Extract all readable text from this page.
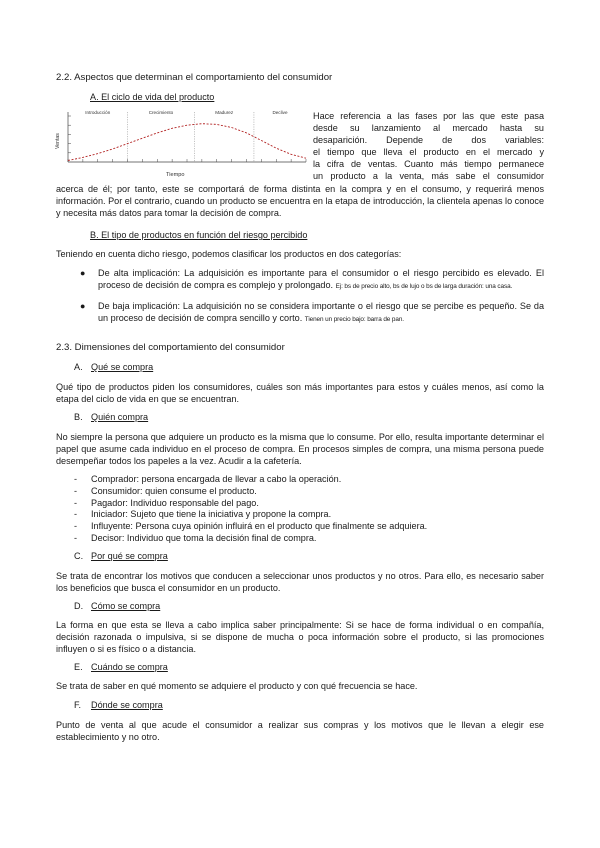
2.2. Aspectos que determinan el comportamiento del consumidor
A. El ciclo de vida del producto
Introducción	Crecimiento	Madurez	Declive
Ventas
Tiempo
Hace referencia a las fases por las que este pasa
desde su lanzamiento al mercado hasta su
desaparición. Depende de dos variables:
el tiempo que lleva el producto en el mercado y
la cifra de ventas. Cuanto más tiempo permanece
un producto a la venta, más sabe el consumidor
acerca de él; por tanto, este se comportará de forma distinta en la compra y en el consumo, y requerirá menos información. Por el contrario, cuando un producto se encuentra en la etapa de introducción, la clientela apenas lo conoce y necesita más datos para tomar la decisión de compra.
B. El tipo de productos en función del riesgo percibido
Teniendo en cuenta dicho riesgo, podemos clasificar los productos en dos categorías:
● De alta implicación: La adquisición es importante para el consumidor o el riesgo percibido es elevado. El proceso de decisión de compra es complejo y prolongado. Ej: bs de precio alto, bs de lujo o bs de larga duración: una casa.
● De baja implicación: La adquisición no se considera importante o el riesgo que se percibe es pequeño. Se da un proceso de decisión de compra sencillo y corto. Tienen un precio bajo: barra de pan.
2.3. Dimensiones del comportamiento del consumidor
A. Qué se compra
Qué tipo de productos piden los consumidores, cuáles son más importantes para estos y cuáles menos, así como la etapa del ciclo de vida en que se encuentran.
B. Quién compra
No siempre la persona que adquiere un producto es la misma que lo consume. Por ello, resulta importante determinar el papel que asume cada individuo en el proceso de compra. En procesos simples de compra, una misma persona puede desempeñar todos los papeles a la vez. Acudir a la cafetería.
- Comprador: persona encargada de llevar a cabo la operación.
- Consumidor: quien consume el producto.
- Pagador: Individuo responsable del pago.
- Iniciador: Sujeto que tiene la iniciativa y propone la compra.
- Influyente: Persona cuya opinión influirá en el producto que finalmente se adquiera.
- Decisor: Individuo que toma la decisión final de compra.
C. Por qué se compra
Se trata de encontrar los motivos que conducen a seleccionar unos productos y no otros. Para ello, es necesario saber los beneficios que busca el consumidor en un producto.
D. Cómo se compra
La forma en que esta se lleva a cabo implica saber principalmente: Si se hace de forma individual o en compañía, decisión razonada o impulsiva, si se dispone de mucha o poca información sobre el producto, si las promociones influyen o si es físico o a distancia.
E. Cuándo se compra
Se trata de saber en qué momento se adquiere el producto y con qué frecuencia se hace.
F. Dónde se compra
Punto de venta al que acude el consumidor a realizar sus compras y los motivos que le llevan a elegir ese establecimiento y no otro.
